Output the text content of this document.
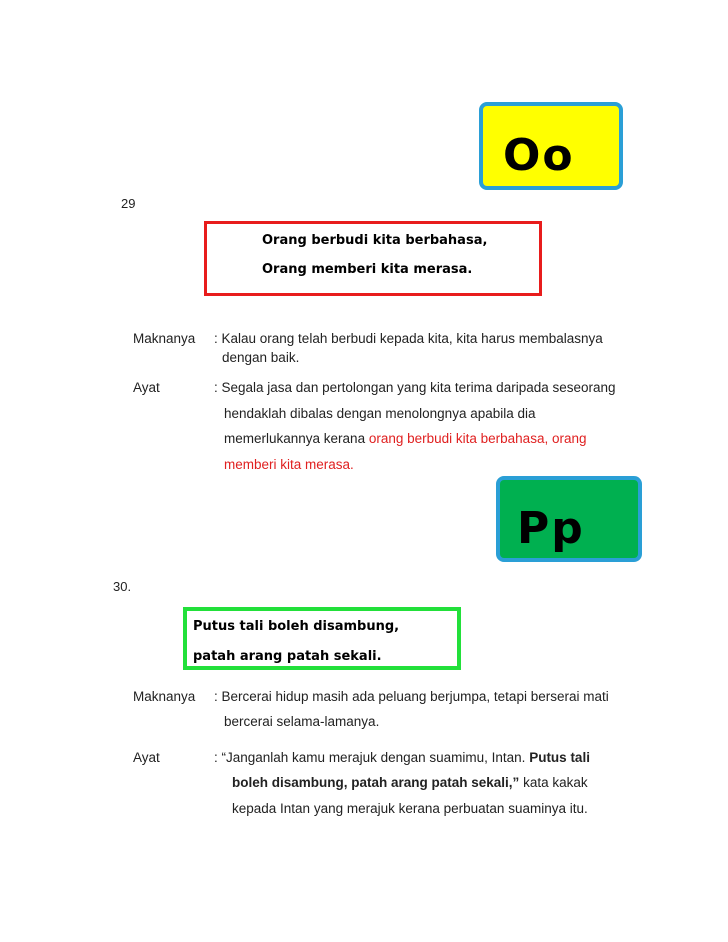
Oo
29
Orang berbudi kita berbahasa,
Orang memberi kita merasa.
Maknanya : Kalau orang telah berbudi kepada kita, kita harus membalasnya
dengan baik.
Ayat	: Segala jasa dan pertolongan yang kita terima daripada seseorang
hendaklah dibalas dengan menolongnya apabila dia
memerlukannya kerana orang berbudi kita berbahasa, orang
memberi kita merasa.
Pp
30.
Putus tali boleh disambung,
patah arang patah sekali.
Maknanya : Bercerai hidup masih ada peluang berjumpa, tetapi berserai mati
bercerai selama-lamanya.
Ayat	: “Janganlah kamu merajuk dengan suamimu, Intan. Putus tali
boleh disambung, patah arang patah sekali,” kata kakak
kepada Intan yang merajuk kerana perbuatan suaminya itu.
